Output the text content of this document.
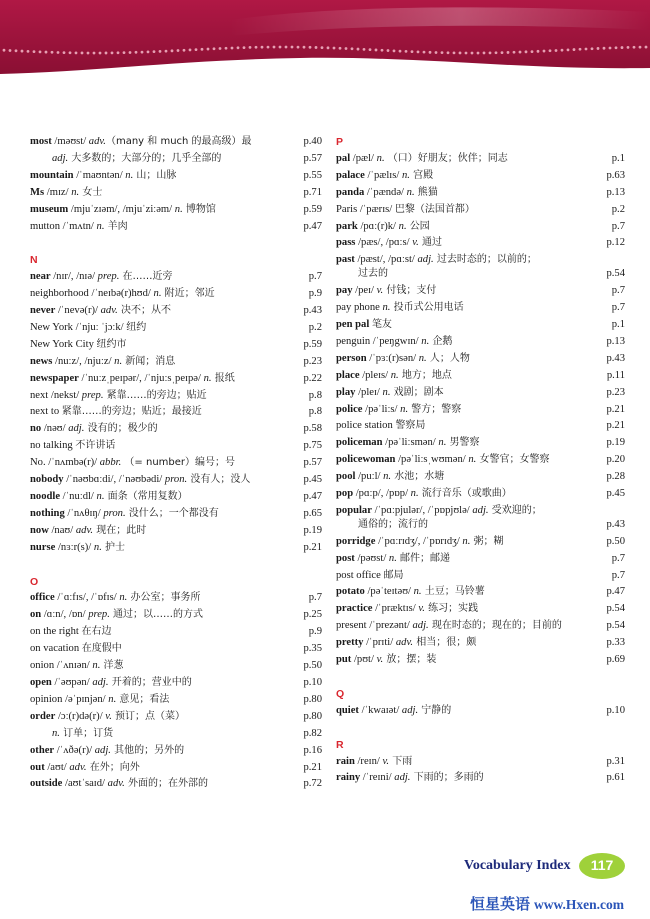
most /məʊst/ adv.（many 和 much 的最高级）最	p.40
adj. 大多数的；大部分的；几乎全部的	p.57
mountain /ˈmaʊntən/ n. 山；山脉	p.55
Ms /mɪz/ n. 女士	p.71
museum /mjuˈzɪəm/, /mjuˈziːəm/ n. 博物馆	p.59
mutton /ˈmʌtn/ n. 羊肉	p.47
N
near /nɪr/, /nɪə/ prep. 在……近旁	p.7
neighborhood /ˈneɪbə(r)hʊd/ n. 附近；邻近	p.9
never /ˈnevə(r)/ adv. 决不；从不	p.43
New York /ˈnjuː ˈjɔːk/ 纽约	p.2
New York City 纽约市	p.59
news /nuːz/, /njuːz/ n. 新闻；消息	p.23
newspaper /ˈnuːzˌpeɪpər/, /ˈnjuːsˌpeɪpə/ n. 报纸	p.22
next /nekst/ prep. 紧靠……的旁边；贴近	p.8
next to 紧靠……的旁边；贴近；最接近	p.8
no /nəʊ/ adj. 没有的；极少的	p.58
no talking 不许讲话	p.75
No. /ˈnʌmbə(r)/ abbr. （= number）编号；号	p.57
nobody /ˈnəʊbɑːdi/, /ˈnəʊbədi/ pron. 没有人；没人	p.45
noodle /ˈnuːdl/ n. 面条（常用复数）	p.47
nothing /ˈnʌθɪŋ/ pron. 没什么；一个都没有	p.65
now /naʊ/ adv. 现在；此时	p.19
nurse /nɜːr(s)/ n. 护士	p.21
O
office /ˈɑːfɪs/, /ˈɒfɪs/ n. 办公室；事务所	p.7
on /ɑːn/, /ɒn/ prep. 通过；以……的方式	p.25
on the right 在右边	p.9
on vacation 在度假中	p.35
onion /ˈʌnɪən/ n. 洋葱	p.50
open /ˈəʊpən/ adj. 开着的；营业中的	p.10
opinion /əˈpɪnjən/ n. 意见；看法	p.80
order /ɔː(r)də(r)/ v. 预订；点（菜）	p.80
n. 订单；订货	p.82
other /ˈʌðə(r)/ adj. 其他的；另外的	p.16
out /aʊt/ adv. 在外；向外	p.21
outside /aʊtˈsaɪd/ adv. 外面的；在外部的	p.72
P
pal /pæl/ n. （口）好朋友；伙伴；同志	p.1
palace /ˈpælɪs/ n. 宫殿	p.63
panda /ˈpændə/ n. 熊猫	p.13
Paris /ˈpærɪs/ 巴黎（法国首都）	p.2
park /pɑː(r)k/ n. 公园	p.7
pass /pæs/, /pɑːs/ v. 通过	p.12
past /pæst/, /pɑːst/ adj. 过去时态的；以前的；
过去的	p.54
pay /peɪ/ v. 付钱；支付	p.7
pay phone n. 投币式公用电话	p.7
pen pal 笔友	p.1
penguin /ˈpeŋgwɪn/ n. 企鹅	p.13
person /ˈpɜː(r)sən/ n. 人；人物	p.43
place /pleɪs/ n. 地方；地点	p.11
play /pleɪ/ n. 戏剧；剧本	p.23
police /pəˈliːs/ n. 警方；警察	p.21
police station 警察局	p.21
policeman /pəˈliːsmən/ n. 男警察	p.19
policewoman /pəˈliːsˌwʊmən/ n. 女警官；女警察	p.20
pool /puːl/ n. 水池；水塘	p.28
pop /pɑːp/, /pɒp/ n. 流行音乐（或歌曲）	p.45
popular /ˈpɑːpjulər/, /ˈpɒpjʊlə/ adj. 受欢迎的；
通俗的；流行的	p.43
porridge /ˈpɑːrɪdʒ/, /ˈpɒrɪdʒ/ n. 粥；糊	p.50
post /pəʊst/ n. 邮件；邮递	p.7
post office 邮局	p.7
potato /pəˈteɪtəʊ/ n. 土豆；马铃薯	p.47
practice /ˈpræktɪs/ v. 练习；实践	p.54
present /ˈprezənt/ adj. 现在时态的；现在的；目前的	p.54
pretty /ˈprɪti/ adv. 相当；很；颇	p.33
put /pʊt/ v. 放；摆；装	p.69
Q
quiet /ˈkwaɪət/ adj. 宁静的	p.10
R
rain /reɪn/ v. 下雨	p.31
rainy /ˈreɪni/ adj. 下雨的；多雨的	p.61
Vocabulary Index	117
恒星英语 www.Hxen.com
